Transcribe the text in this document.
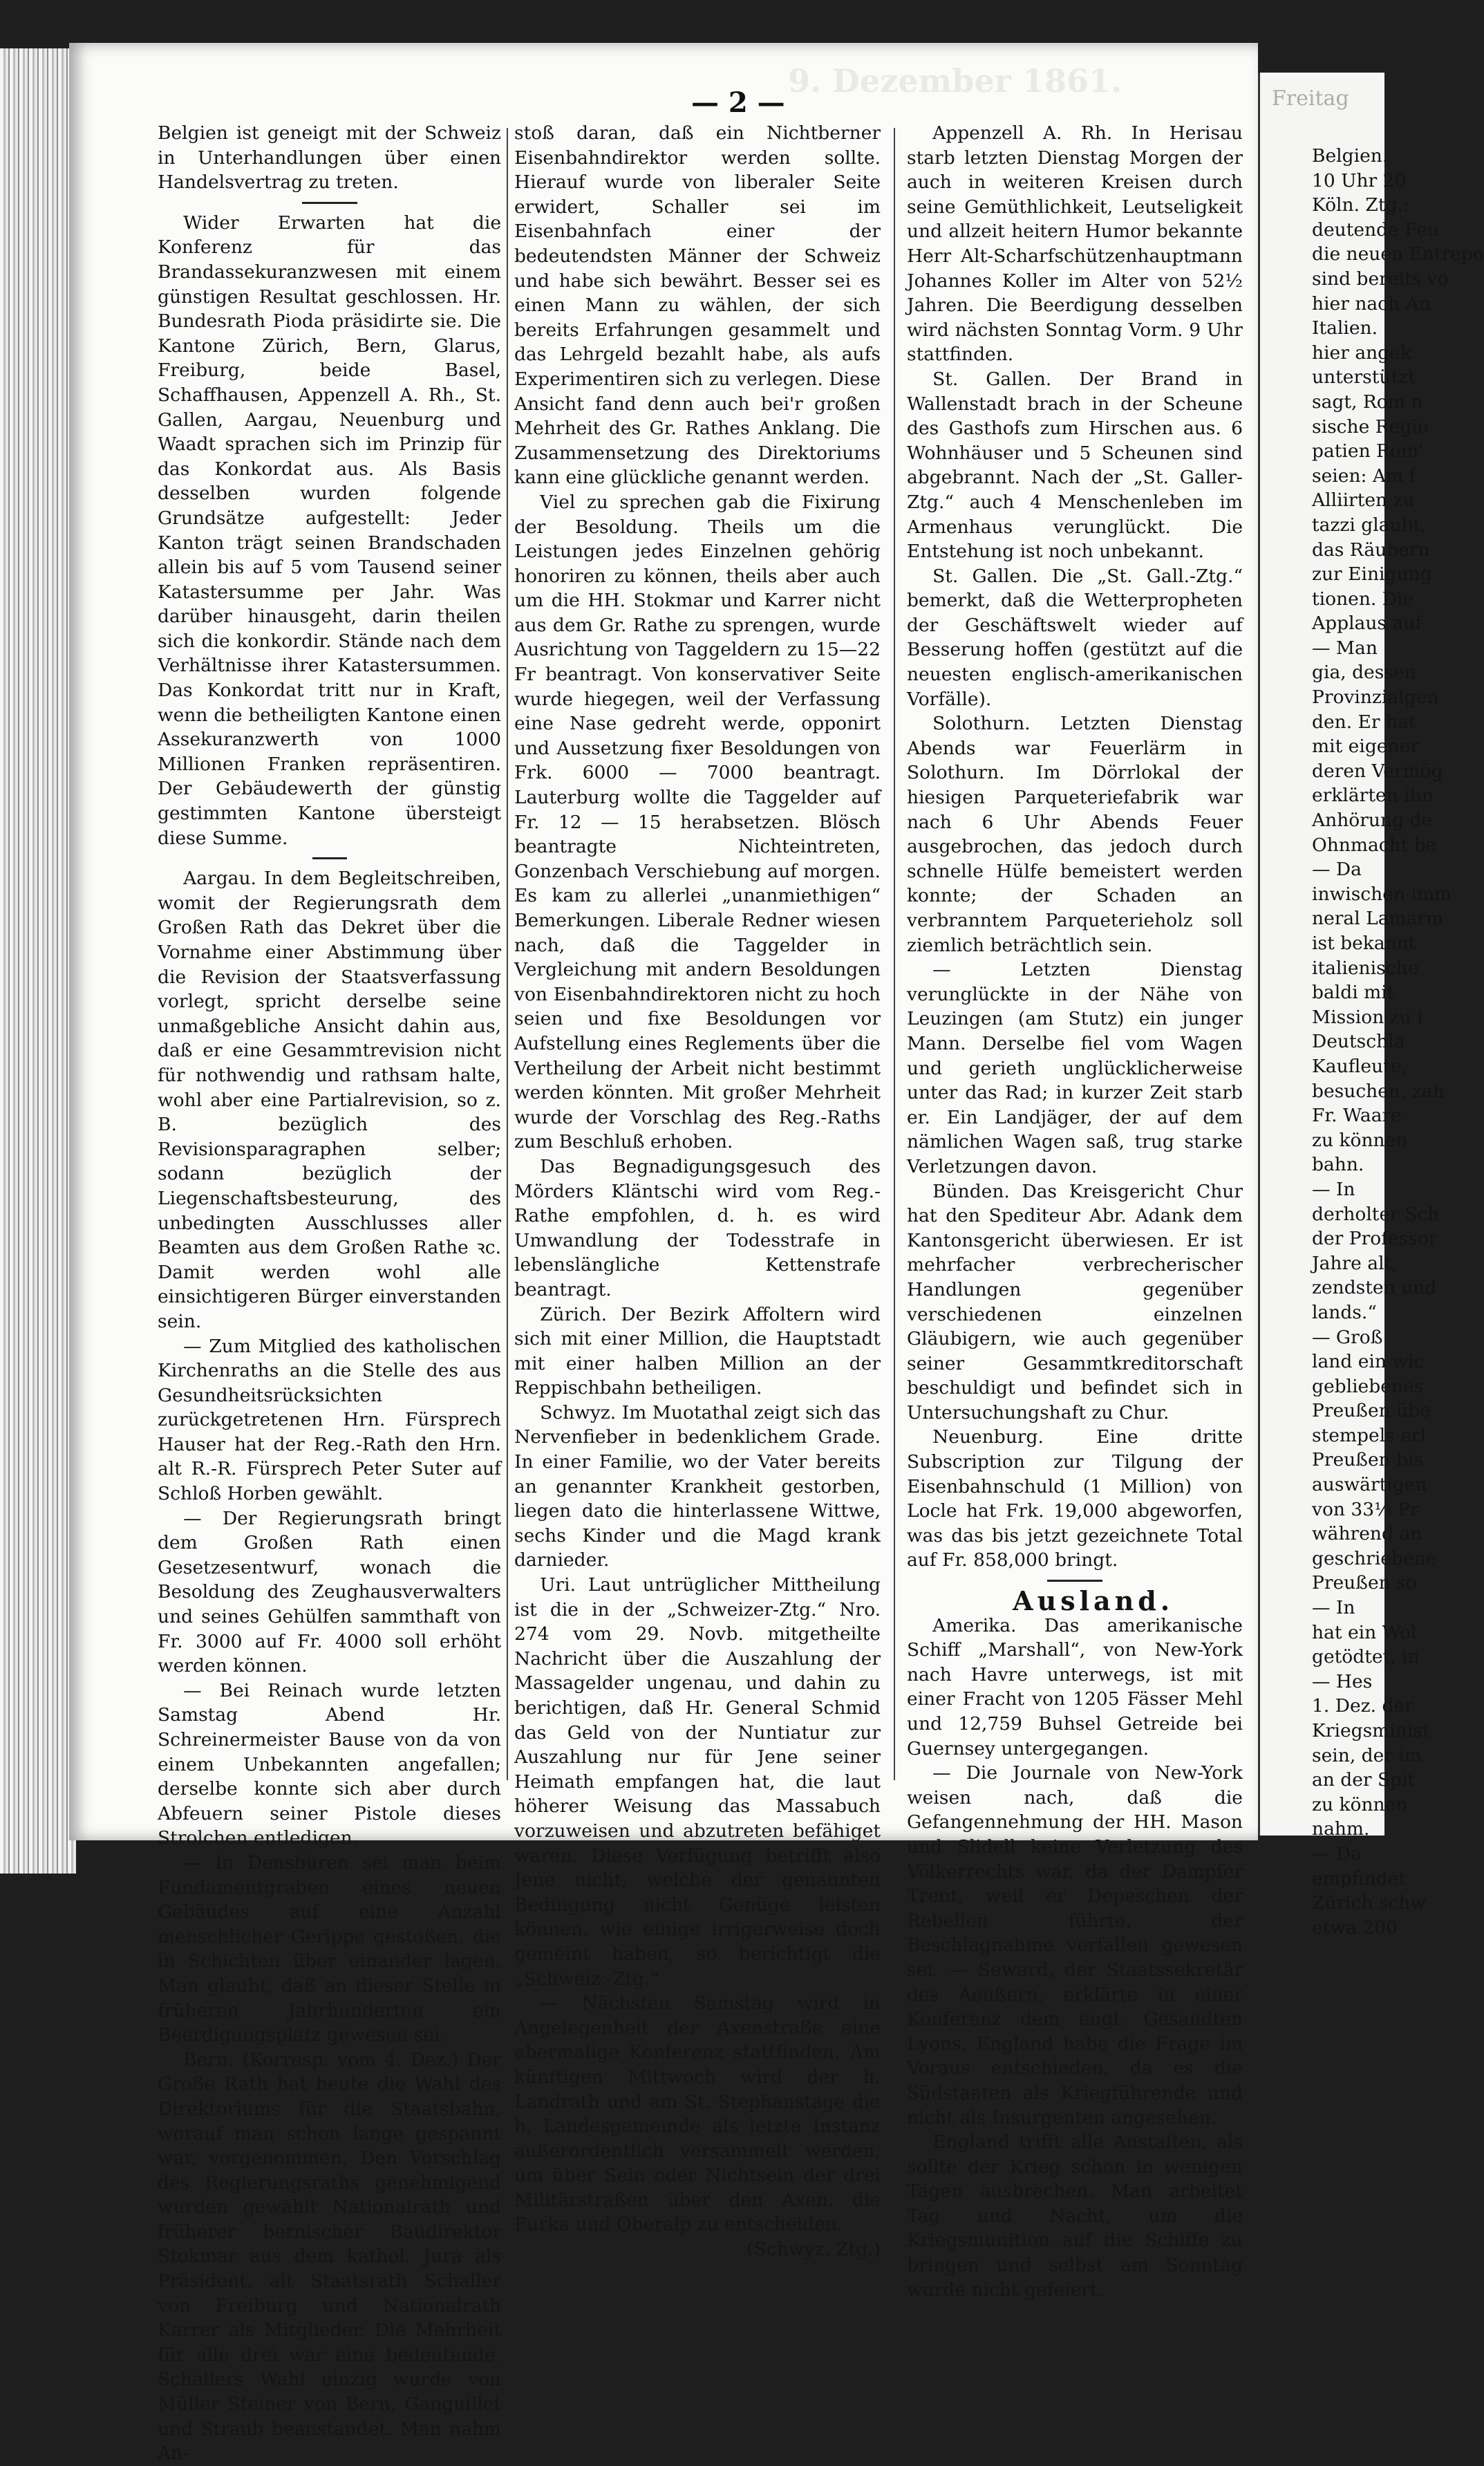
9. Dezember 1861.
— 2 —

Belgien ist geneigt mit der Schweiz in Unterhandlungen über einen Handelsvertrag zu treten.

Wider Erwarten hat die Konferenz für das Brandassekuranzwesen mit einem günstigen Resultat geschlossen. Hr. Bundesrath Pioda präsidirte sie. Die Kantone Zürich, Bern, Glarus, Freiburg, beide Basel, Schaffhausen, Appenzell A. Rh., St. Gallen, Aargau, Neuenburg und Waadt sprachen sich im Prinzip für das Konkordat aus. Als Basis desselben wurden folgende Grundsätze aufgestellt: Jeder Kanton trägt seinen Brandschaden allein bis auf 5 vom Tausend seiner Katastersumme per Jahr. Was darüber hinausgeht, darin theilen sich die konkordir. Stände nach dem Verhältnisse ihrer Katastersummen. Das Konkordat tritt nur in Kraft, wenn die betheiligten Kantone einen Assekuranzwerth von 1000 Millionen Franken repräsentiren. Der Gebäudewerth der günstig gestimmten Kantone übersteigt diese Summe.

Aargau. In dem Begleitschreiben, womit der Regierungsrath dem Großen Rath das Dekret über die Vornahme einer Abstimmung über die Revision der Staatsverfassung vorlegt, spricht derselbe seine unmaßgebliche Ansicht dahin aus, daß er eine Gesammtrevision nicht für nothwendig und rathsam halte, wohl aber eine Partialrevision, so z. B. bezüglich des Revisionsparagraphen selber; sodann bezüglich der Liegenschaftsbesteurung, des unbedingten Ausschlusses aller Beamten aus dem Großen Rathe ꝛc. Damit werden wohl alle einsichtigeren Bürger einverstanden sein.

— Zum Mitglied des katholischen Kirchenraths an die Stelle des aus Gesundheitsrücksichten zurückgetretenen Hrn. Fürsprech Hauser hat der Reg.-Rath den Hrn. alt R.-R. Fürsprech Peter Suter auf Schloß Horben gewählt.

— Der Regierungsrath bringt dem Großen Rath einen Gesetzesentwurf, wonach die Besoldung des Zeughausverwalters und seines Gehülfen sammthaft von Fr. 3000 auf Fr. 4000 soll erhöht werden können.

— Bei Reinach wurde letzten Samstag Abend Hr. Schreinermeister Bause von da von einem Unbekannten angefallen; derselbe konnte sich aber durch Abfeuern seiner Pistole dieses Strolchen entledigen.

— In Densbüren sei man beim Fundamentgraben eines neuen Gebäudes auf eine Anzahl menschlicher Gerippe gestoßen, die in Schichten über einander lagen. Man glaubt, daß an dieser Stelle in früheren Jahrhunderten ein Beerdigungsplatz gewesen sei.

Bern. (Korresp. vom 4. Dez.) Der Große Rath hat heute die Wahl des Direktoriums für die Staatsbahn, worauf man schon lange gespannt war, vorgenommen. Den Vorschlag des Regierungsraths genehmigend wurden gewählt Nationalrath und früherer bernischer Baudirektor Stokmar aus dem kathol. Jura als Präsident, alt Staatsrath Schaller von Freiburg und Nationalrath Karrer als Mitglieder. Die Mehrheit für alle drei war eine bedeutende. Schallers Wahl einzig wurde von Müller Steiner von Bern, Ganguillet und Straub beanstandet. Man nahm An-

stoß daran, daß ein Nichtberner Eisenbahndirektor werden sollte. Hierauf wurde von liberaler Seite erwidert, Schaller sei im Eisenbahnfach einer der bedeutendsten Männer der Schweiz und habe sich bewährt. Besser sei es einen Mann zu wählen, der sich bereits Erfahrungen gesammelt und das Lehrgeld bezahlt habe, als aufs Experimentiren sich zu verlegen. Diese Ansicht fand denn auch bei'r großen Mehrheit des Gr. Rathes Anklang. Die Zusammensetzung des Direktoriums kann eine glückliche genannt werden.

Viel zu sprechen gab die Fixirung der Besoldung. Theils um die Leistungen jedes Einzelnen gehörig honoriren zu können, theils aber auch um die HH. Stokmar und Karrer nicht aus dem Gr. Rathe zu sprengen, wurde Ausrichtung von Taggeldern zu 15—22 Fr beantragt. Von konservativer Seite wurde hiegegen, weil der Verfassung eine Nase gedreht werde, opponirt und Aussetzung fixer Besoldungen von Frk. 6000 — 7000 beantragt. Lauterburg wollte die Taggelder auf Fr. 12 — 15 herabsetzen. Blösch beantragte Nichteintreten, Gonzenbach Verschiebung auf morgen. Es kam zu allerlei „unanmiethigen“ Bemerkungen. Liberale Redner wiesen nach, daß die Taggelder in Vergleichung mit andern Besoldungen von Eisenbahndirektoren nicht zu hoch seien und fixe Besoldungen vor Aufstellung eines Reglements über die Vertheilung der Arbeit nicht bestimmt werden könnten. Mit großer Mehrheit wurde der Vorschlag des Reg.-Raths zum Beschluß erhoben.

Das Begnadigungsgesuch des Mörders Kläntschi wird vom Reg.-Rathe empfohlen, d. h. es wird Umwandlung der Todesstrafe in lebenslängliche Kettenstrafe beantragt.

Zürich. Der Bezirk Affoltern wird sich mit einer Million, die Hauptstadt mit einer halben Million an der Reppischbahn betheiligen.

Schwyz. Im Muotathal zeigt sich das Nervenfieber in bedenklichem Grade. In einer Familie, wo der Vater bereits an genannter Krankheit gestorben, liegen dato die hinterlassene Wittwe, sechs Kinder und die Magd krank darnieder.

Uri. Laut untrüglicher Mittheilung ist die in der „Schweizer-Ztg.“ Nro. 274 vom 29. Novb. mitgetheilte Nachricht über die Auszahlung der Massagelder ungenau, und dahin zu berichtigen, daß Hr. General Schmid das Geld von der Nuntiatur zur Auszahlung nur für Jene seiner Heimath empfangen hat, die laut höherer Weisung das Massabuch vorzuweisen und abzutreten befähiget waren. Diese Verfügung betrifft also Jene nicht, welche der genannten Bedingung nicht Genüge leisten können, wie einige irrigerweise doch gemeint haben, so berichtigt die „Schweiz.-Ztg.“

— Nächsten Samstag wird in Angelegenheit der Axenstraße eine abermalige Konferenz stattfinden. Am künftigen Mittwoch wird der h. Landrath und am St. Stephanstage die h. Landesgemeinde als letzte Instanz außerordentlich versammelt werden, um über Sein oder Nichtsein der drei Militärstraßen über den Axen, die Furka und Oberalp zu entscheiden.

(Schwyz. Ztg.)

Appenzell A. Rh. In Herisau starb letzten Dienstag Morgen der auch in weiteren Kreisen durch seine Gemüthlichkeit, Leutseligkeit und allzeit heitern Humor bekannte Herr Alt-Scharfschützenhauptmann Johannes Koller im Alter von 52½ Jahren. Die Beerdigung desselben wird nächsten Sonntag Vorm. 9 Uhr stattfinden.

St. Gallen. Der Brand in Wallenstadt brach in der Scheune des Gasthofs zum Hirschen aus. 6 Wohnhäuser und 5 Scheunen sind abgebrannt. Nach der „St. Galler-Ztg.“ auch 4 Menschenleben im Armenhaus verunglückt. Die Entstehung ist noch unbekannt.

St. Gallen. Die „St. Gall.-Ztg.“ bemerkt, daß die Wetterpropheten der Geschäftswelt wieder auf Besserung hoffen (gestützt auf die neuesten englisch-amerikanischen Vorfälle).

Solothurn. Letzten Dienstag Abends war Feuerlärm in Solothurn. Im Dörrlokal der hiesigen Parqueteriefabrik war nach 6 Uhr Abends Feuer ausgebrochen, das jedoch durch schnelle Hülfe bemeistert werden konnte; der Schaden an verbranntem Parqueterieholz soll ziemlich beträchtlich sein.

— Letzten Dienstag verunglückte in der Nähe von Leuzingen (am Stutz) ein junger Mann. Derselbe fiel vom Wagen und gerieth unglücklicherweise unter das Rad; in kurzer Zeit starb er. Ein Landjäger, der auf dem nämlichen Wagen saß, trug starke Verletzungen davon.

Bünden. Das Kreisgericht Chur hat den Spediteur Abr. Adank dem Kantonsgericht überwiesen. Er ist mehrfacher verbrecherischer Handlungen gegenüber verschiedenen einzelnen Gläubigern, wie auch gegenüber seiner Gesammtkreditorschaft beschuldigt und befindet sich in Untersuchungshaft zu Chur.

Neuenburg. Eine dritte Subscription zur Tilgung der Eisenbahnschuld (1 Million) von Locle hat Frk. 19,000 abgeworfen, was das bis jetzt gezeichnete Total auf Fr. 858,000 bringt.

Ausland.

Amerika. Das amerikanische Schiff „Marshall“, von New-York nach Havre unterwegs, ist mit einer Fracht von 1205 Fässer Mehl und 12,759 Buhsel Getreide bei Guernsey untergegangen.

— Die Journale von New-York weisen nach, daß die Gefangennehmung der HH. Mason und Slidell keine Verletzung des Völkerrechts war, da der Dampfer Trent, weil er Depeschen der Rebellen führte, der Beschlagnahme verfallen gewesen sei. — Seward, der Staatssekretär des Aeußern, erklärte in einer Konferenz dem engl. Gesandten Lyons, England habe die Frage im Voraus entschieden, da es die Südstaaten als Kriegführende und nicht als Insurgenten angesehen.

England trifft alle Anstalten, als sollte der Krieg schon in wenigen Tagen ausbrechen. Man arbeitet Tag und Nacht, um die Kriegsmunition auf die Schiffe zu bringen und selbst am Sonntag wurde nicht gefeiert.

Freitag
Belgien.
10 Uhr 20
Köln. Ztg.:
deutende Feu
die neuen Entrepo
sind bereits vo
hier nach An
Italien.
hier angek
unterstützt
sagt, Rom n
sische Regie
patien Rom'
seien: Am f
Alliirten zu
tazzi glaubt,
das Räubern
zur Einigung
tionen. Die
Applaus auf
— Man
gia, dessen
Provinzialgen
den. Er hat
mit eigener
deren Vermög
erklärten ihn
Anhörung de
Ohnmacht be
— Da
inwischen imm
neral Lamarm
ist bekannt
italienische
baldi mit
Mission zu i
Deutschla
Kaufleute,
besuchen, zah
Fr. Waare
zu können
bahn.
— In
derholter Sch
der Professor
Jahre alt,
zendsten und
lands.“
— Groß
land ein wic
gebliebenes
Preußen übe
stempels erl
Preußen bis
auswärtigen
von 33⅓ Pr
während an
geschriebene
Preußen so
— In
hat ein Wol
getödtet, in
— Hes
1. Dez. der
Kriegsminist
sein, der im
an der Spit
zu können
nahm.
— Da
empfindet
Zürich schw
etwa 200
